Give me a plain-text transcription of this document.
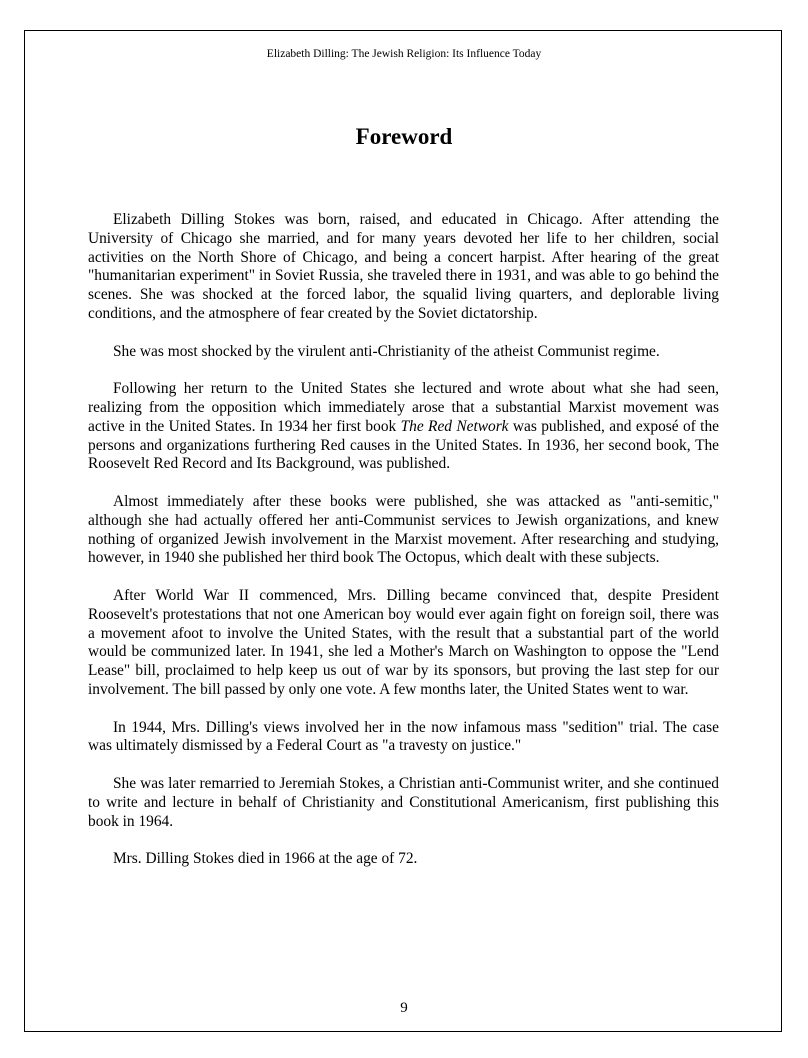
Elizabeth Dilling: The Jewish Religion: Its Influence Today

Foreword

Elizabeth Dilling Stokes was born, raised, and educated in Chicago. After attending the University of Chicago she married, and for many years devoted her life to her children, social activities on the North Shore of Chicago, and being a concert harpist. After hearing of the great "humanitarian experiment" in Soviet Russia, she traveled there in 1931, and was able to go behind the scenes. She was shocked at the forced labor, the squalid living quarters, and deplorable living conditions, and the atmosphere of fear created by the Soviet dictatorship.

She was most shocked by the virulent anti-Christianity of the atheist Communist regime.

Following her return to the United States she lectured and wrote about what she had seen, realizing from the opposition which immediately arose that a substantial Marxist movement was active in the United States. In 1934 her first book The Red Network was published, and exposé of the persons and organizations furthering Red causes in the United States. In 1936, her second book, The Roosevelt Red Record and Its Background, was published.

Almost immediately after these books were published, she was attacked as "anti-semitic," although she had actually offered her anti-Communist services to Jewish organizations, and knew nothing of organized Jewish involvement in the Marxist movement. After researching and studying, however, in 1940 she published her third book The Octopus, which dealt with these subjects.

After World War II commenced, Mrs. Dilling became convinced that, despite President Roosevelt's protestations that not one American boy would ever again fight on foreign soil, there was a movement afoot to involve the United States, with the result that a substantial part of the world would be communized later. In 1941, she led a Mother's March on Washington to oppose the "Lend Lease" bill, proclaimed to help keep us out of war by its sponsors, but proving the last step for our involvement. The bill passed by only one vote. A few months later, the United States went to war.

In 1944, Mrs. Dilling's views involved her in the now infamous mass "sedition" trial. The case was ultimately dismissed by a Federal Court as "a travesty on justice."

She was later remarried to Jeremiah Stokes, a Christian anti-Communist writer, and she continued to write and lecture in behalf of Christianity and Constitutional Americanism, first publishing this book in 1964.

Mrs. Dilling Stokes died in 1966 at the age of 72.

9
